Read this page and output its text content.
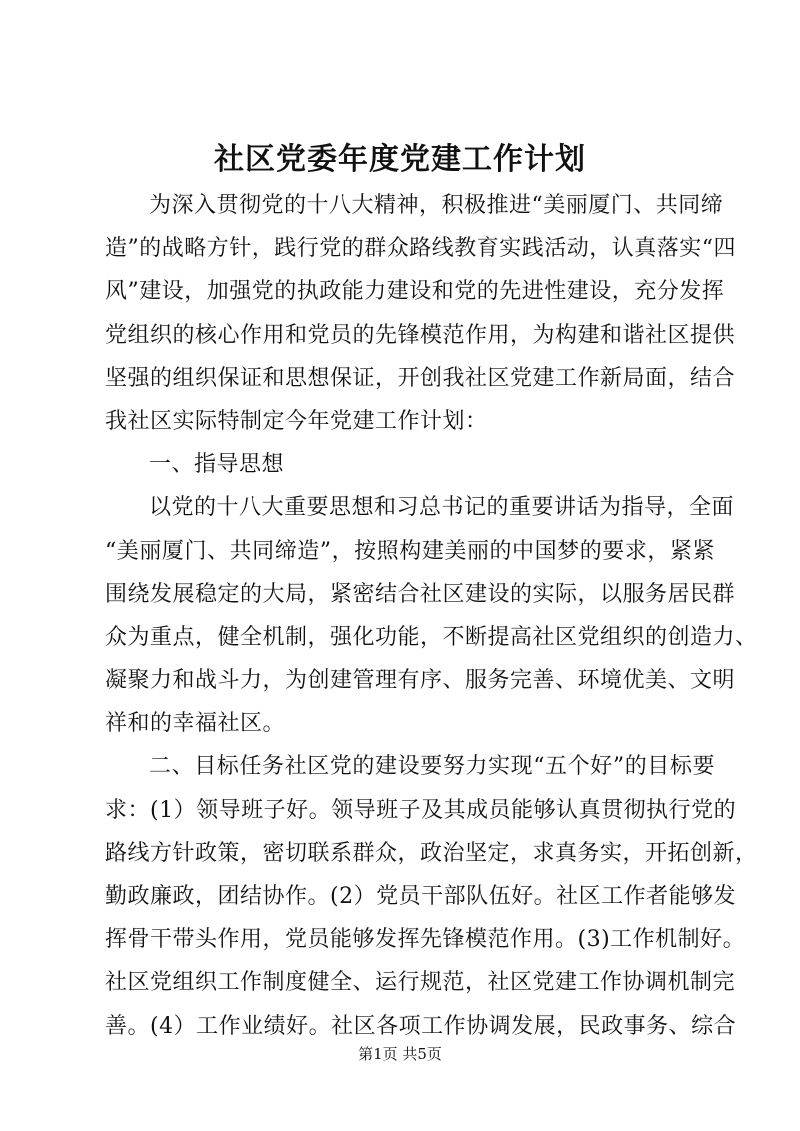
社区党委年度党建工作计划
为深入贯彻党的十八大精神，积极推进“美丽厦门、共同缔
造”的战略方针，践行党的群众路线教育实践活动，认真落实“四
风”建设，加强党的执政能力建设和党的先进性建设，充分发挥
党组织的核心作用和党员的先锋模范作用，为构建和谐社区提供
坚强的组织保证和思想保证，开创我社区党建工作新局面，结合
我社区实际特制定今年党建工作计划：
一、指导思想
以党的十八大重要思想和习总书记的重要讲话为指导，全面
“美丽厦门、共同缔造”，按照构建美丽的中国梦的要求，紧紧
围绕发展稳定的大局，紧密结合社区建设的实际，以服务居民群
众为重点，健全机制，强化功能，不断提高社区党组织的创造力、
凝聚力和战斗力，为创建管理有序、服务完善、环境优美、文明
祥和的幸福社区。
二、目标任务社区党的建设要努力实现“五个好”的目标要
求：(1）领导班子好。领导班子及其成员能够认真贯彻执行党的
路线方针政策，密切联系群众，政治坚定，求真务实，开拓创新，
勤政廉政，团结协作。(2）党员干部队伍好。社区工作者能够发
挥骨干带头作用，党员能够发挥先锋模范作用。(3)工作机制好。
社区党组织工作制度健全、运行规范，社区党建工作协调机制完
善。(4）工作业绩好。社区各项工作协调发展，民政事务、综合
第1页 共5页
